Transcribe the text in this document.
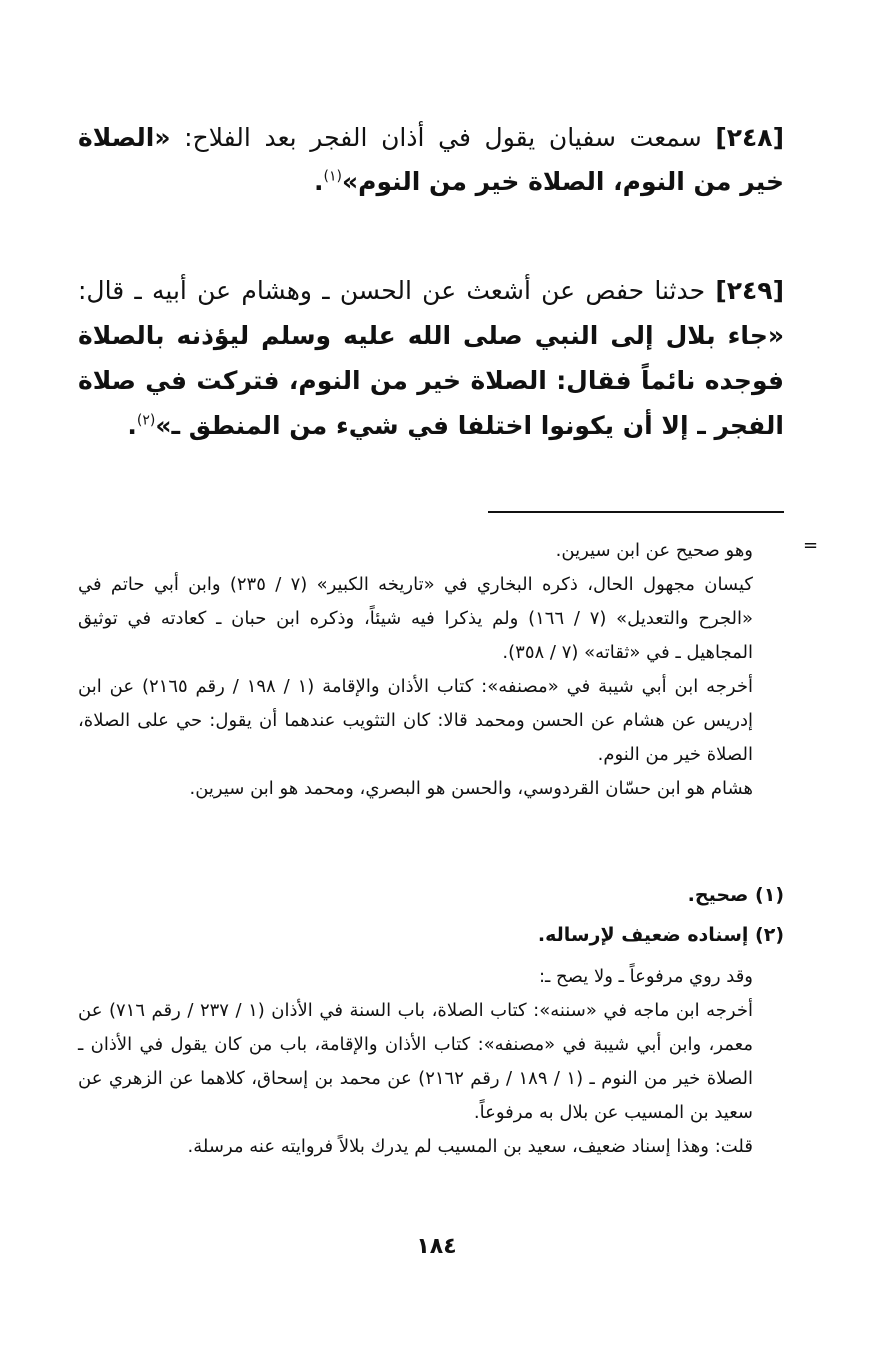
[٢٤٨] سمعت سفيان يقول في أذان الفجر بعد الفلاح: «الصلاة خير من النوم، الصلاة خير من النوم»$^{(١)}$.
[٢٤٩] حدثنا حفص عن أشعث عن الحسن ـ وهشام عن أبيه ـ قال: «جاء بلال إلى النبي صلى الله عليه وسلم ليؤذنه بالصلاة فوجده نائماً فقال: الصلاة خير من النوم، فتركت في صلاة الفجر ـ إلا أن يكونوا اختلفا في شيء من المنطق ـ»$^{(٢)}$.
=
وهو صحيح عن ابن سيرين.
كيسان مجهول الحال، ذكره البخاري في «تاريخه الكبير» (٧ / ٢٣٥) وابن أبي حاتم في «الجرح والتعديل» (٧ / ١٦٦) ولم يذكرا فيه شيئاً، وذكره ابن حبان ـ كعادته في توثيق المجاهيل ـ في «ثقاته» (٧ / ٣٥٨).
أخرجه ابن أبي شيبة في «مصنفه»: كتاب الأذان والإقامة (١ / ١٩٨ / رقم ٢١٦٥) عن ابن إدريس عن هشام عن الحسن ومحمد قالا: كان التثويب عندهما أن يقول: حي على الصلاة، الصلاة خير من النوم.
هشام هو ابن حسّان القردوسي، والحسن هو البصري، ومحمد هو ابن سيرين.
(١) صحيح.
(٢) إسناده ضعيف لإرساله.
وقد روي مرفوعاً ـ ولا يصح ـ:
أخرجه ابن ماجه في «سننه»: كتاب الصلاة، باب السنة في الأذان (١ / ٢٣٧ / رقم ٧١٦) عن معمر، وابن أبي شيبة في «مصنفه»: كتاب الأذان والإقامة، باب من كان يقول في الأذان ـ الصلاة خير من النوم ـ (١ / ١٨٩ / رقم ٢١٦٢) عن محمد بن إسحاق، كلاهما عن الزهري عن سعيد بن المسيب عن بلال به مرفوعاً.
قلت: وهذا إسناد ضعيف، سعيد بن المسيب لم يدرك بلالاً فروايته عنه مرسلة.
١٨٤
